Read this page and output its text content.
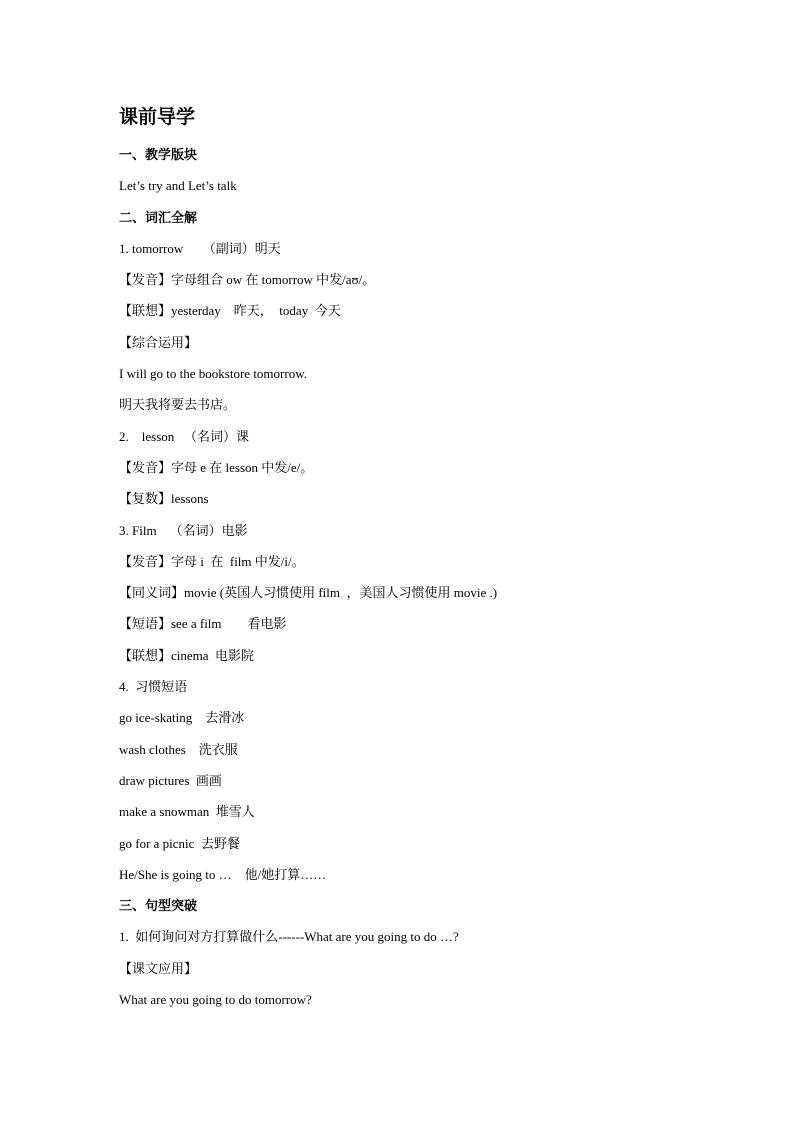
课前导学
一、教学版块
Let’s try and Let’s talk
二、词汇全解
1. tomorrow      （副词）明天
【发音】字母组合 ow 在 tomorrow 中发/aʊ/。
【联想】yesterday    昨天，  today  今天
【综合运用】
I will go to the bookstore tomorrow.
明天我将要去书店。
2.    lesson   （名词）课
【发音】字母 e 在 lesson 中发/e/。
【复数】lessons
3. Film    （名词）电影
【发音】字母 i  在  film 中发/i/。
【同义词】movie (英国人习惯使用 film  ，美国人习惯使用 movie .)
【短语】see a film        看电影
【联想】cinema  电影院
4.  习惯短语
go ice-skating    去滑冰
wash clothes    洗衣服
draw pictures  画画
make a snowman  堆雪人
go for a picnic  去野餐
He/She is going to …    他/她打算……
三、句型突破
1.  如何询问对方打算做什么------What are you going to do …?
【课文应用】
What are you going to do tomorrow?
